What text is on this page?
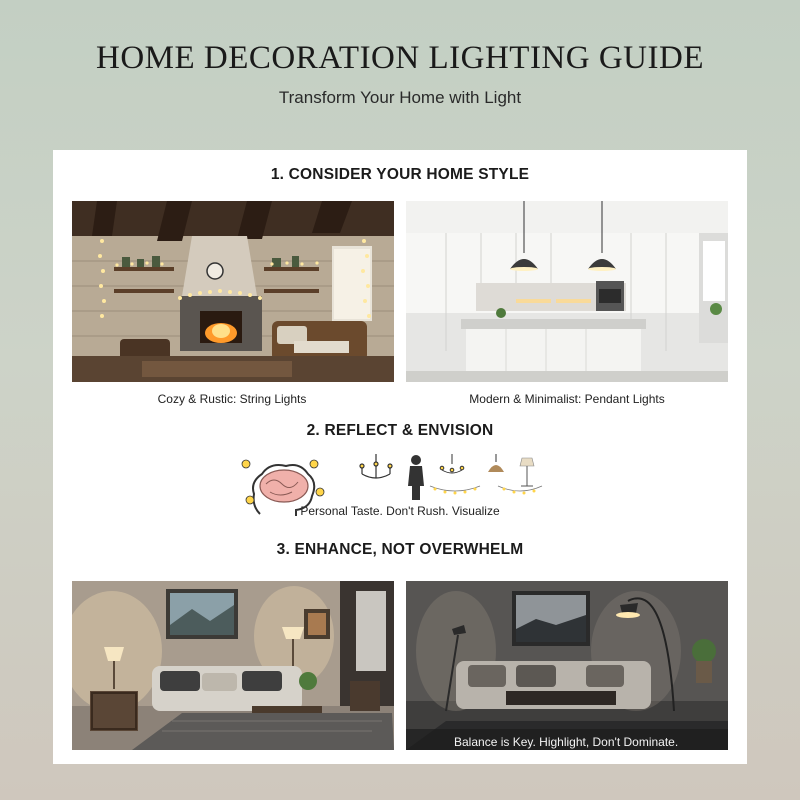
HOME DECORATION LIGHTING GUIDE
Transform Your Home with Light
1. CONSIDER YOUR HOME STYLE
2. REFLECT & ENVISION
3. ENHANCE, NOT OVERWHELM
Cozy & Rustic: String Lights	Modern & Minimalist: Pendant Lights
Personal Taste. Don't Rush. Visualize
Balance is Key. Highlight, Don't Dominate.
